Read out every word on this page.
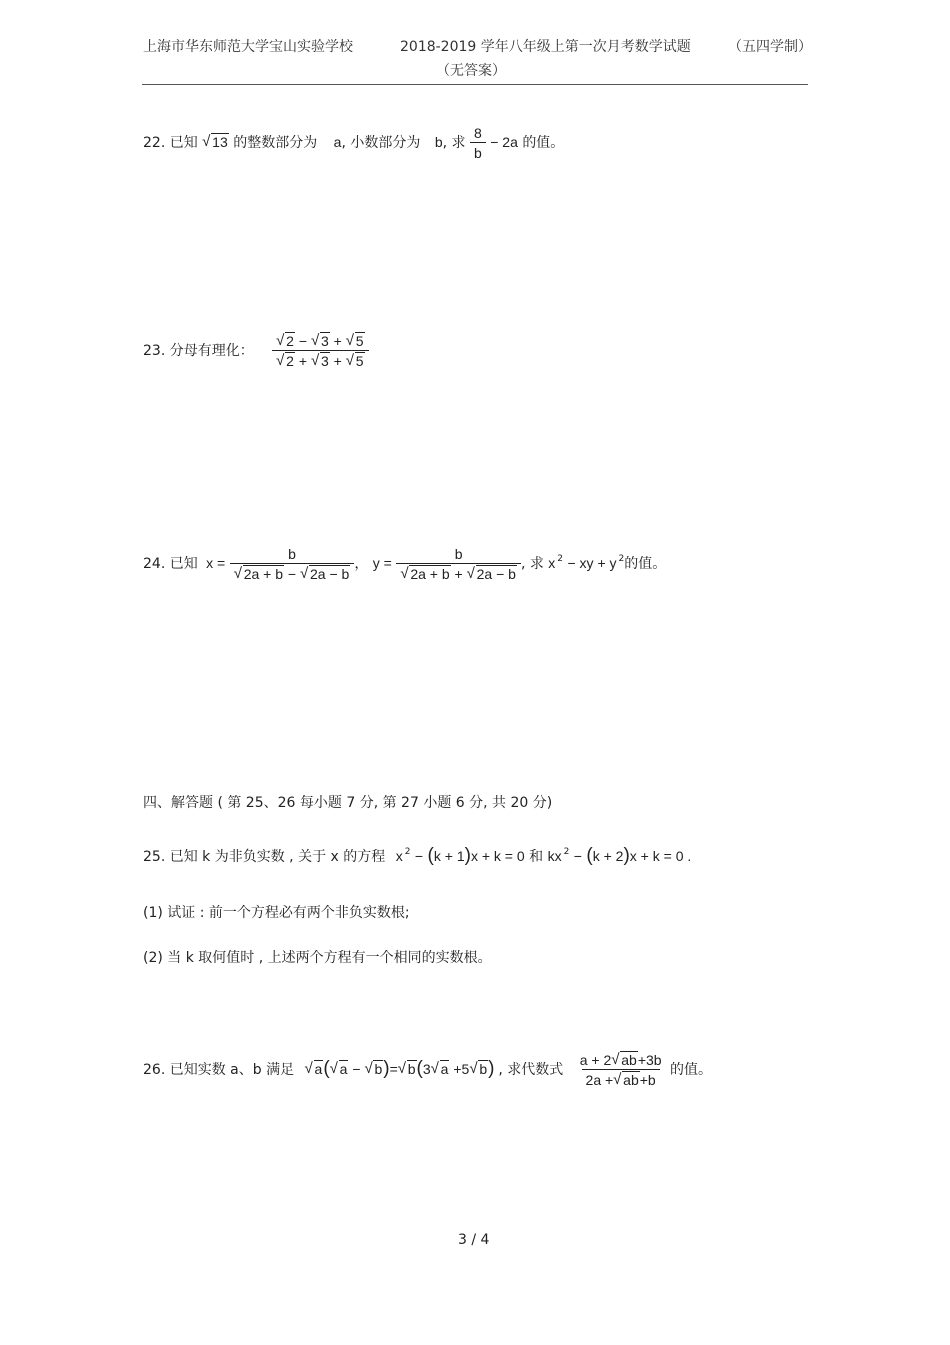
上海市华东师范大学宝山实验学校	2018-2019 学年八年级上第一次月考数学试题	（五四学制）
（无答案）
22. 已知 √ 13 的整数部分为 a, 小数部分为 b, 求 $\frac{8}{b} - 2a$ 的值。
23. 分母有理化： √ 2 − √ 3 + √ 5
√ 2 + √ 3 + √ 5
24. 已知 x = b
√ 2a + b − √ 2a − b ， y = b
√ 2a + b + √ 2a − b , 求 x $^2$ − xy + y $^2$的值。
四、解答题 ( 第 25、26 每小题 7 分, 第 27 小题 6 分, 共 20 分)
25. 已知 k 为非负实数 , 关于 x 的方程 x $^2$ − (k + 1)x + k = 0 和 kx $^2$ − (k + 2)x + k = 0 .
(1) 试证 : 前一个方程必有两个非负实数根;
(2) 当 k 取何值时 , 上述两个方程有一个相同的实数根。
26. 已知实数 a、b 满足 √ a( √ a − √ b)= √ b(3 √ a +5 √ b) , 求代数式 $\frac{a + 2 √ ab+3b}{2a + √ ab+b}$ 的值。
3 / 4
